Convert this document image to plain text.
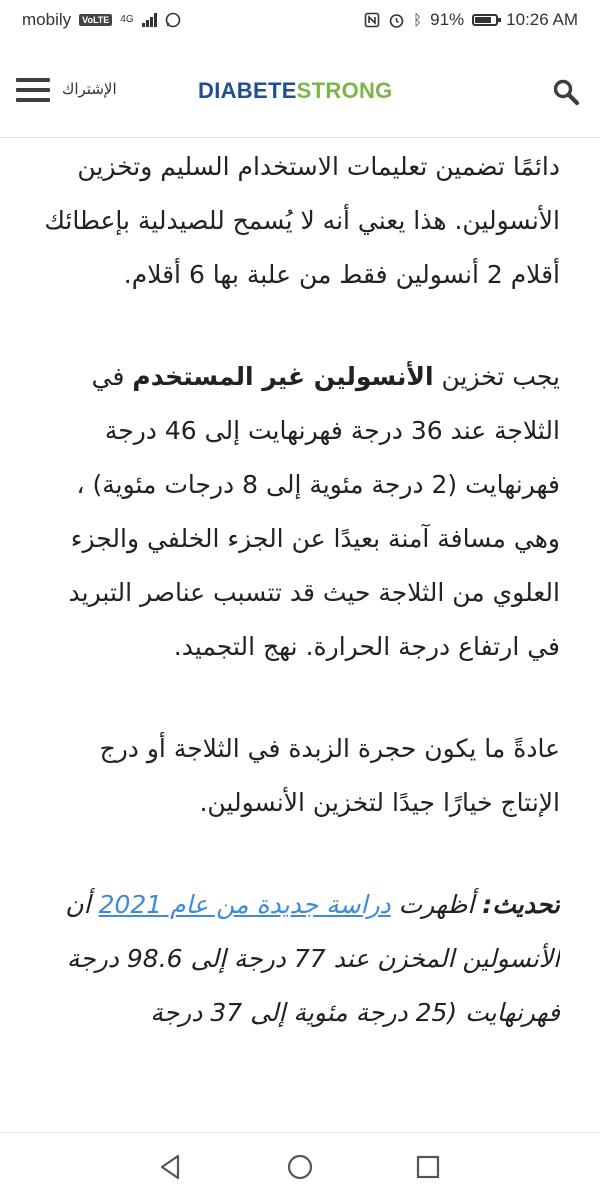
mobily	VoLTE	4G	ᛒ 91% 10:26 AM
الإشتراك	DIABETESTRONG

دائمًا تضمين تعليمات الاستخدام السليم وتخزين الأنسولين. هذا يعني أنه لا يُسمح للصيدلية بإعطائك أقلام 2 أنسولين فقط من علبة بها 6 أقلام.

يجب تخزين الأنسولين غير المستخدم في الثلاجة عند 36 درجة فهرنهايت إلى 46 درجة فهرنهايت (2 درجة مئوية إلى 8 درجات مئوية) ، وهي مسافة آمنة بعيدًا عن الجزء الخلفي والجزء العلوي من الثلاجة حيث قد تتسبب عناصر التبريد في ارتفاع درجة الحرارة. نهج التجميد.

عادةً ما يكون حجرة الزبدة في الثلاجة أو درج الإنتاج خيارًا جيدًا لتخزين الأنسولين.

تحديث: أظهرت دراسة جديدة من عام 2021 أن الأنسولين المخزن عند 77 درجة إلى 98.6 درجة فهرنهايت (25 درجة مئوية إلى 37 درجة
